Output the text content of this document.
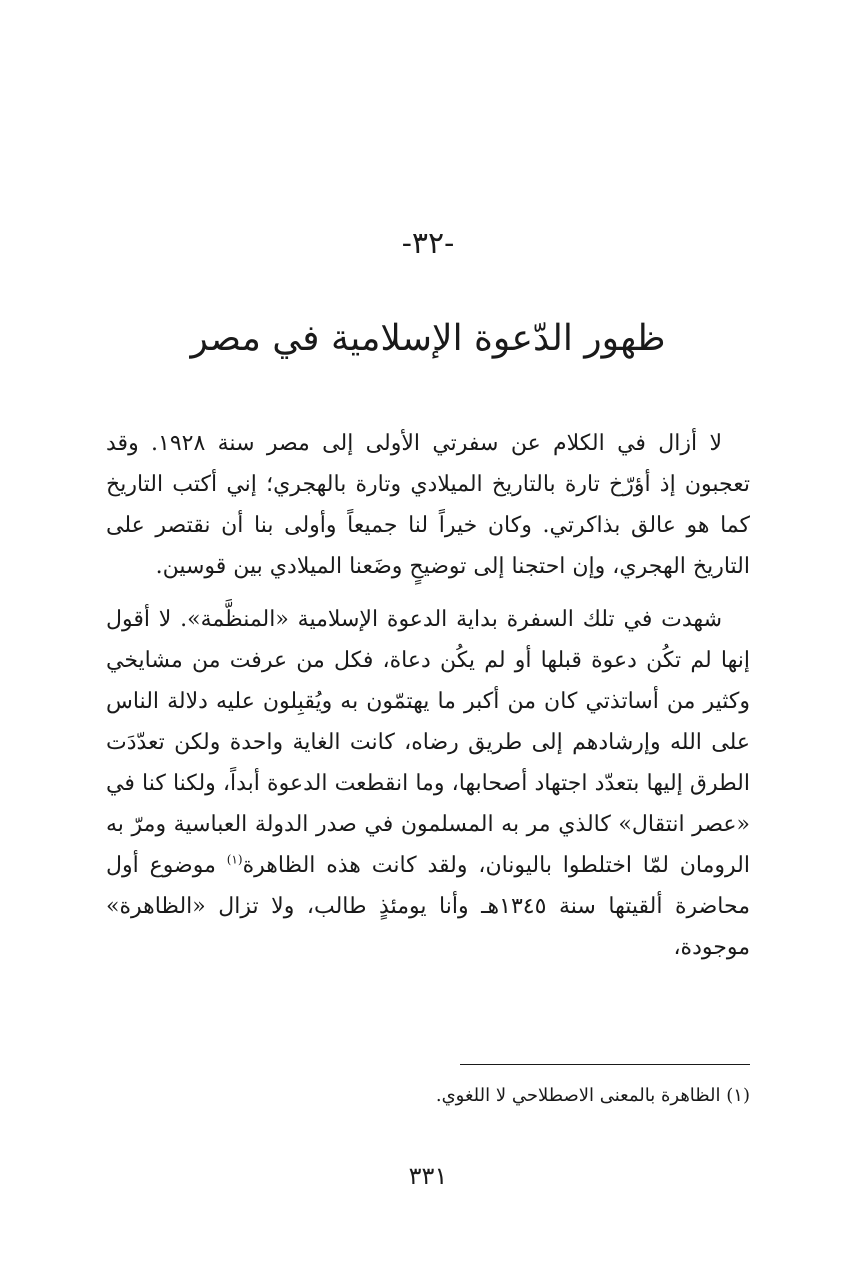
-٣٢-
ظهور الدّعوة الإسلامية في مصر

لا أزال في الكلام عن سفرتي الأولى إلى مصر سنة ١٩٢٨. وقد تعجبون إذ أؤرّخ تارة بالتاريخ الميلادي وتارة بالهجري؛ إني أكتب التاريخ كما هو عالق بذاكرتي. وكان خيراً لنا جميعاً وأولى بنا أن نقتصر على التاريخ الهجري، وإن احتجنا إلى توضيحٍ وضَعنا الميلادي بين قوسين.

شهدت في تلك السفرة بداية الدعوة الإسلامية «المنظَّمة». لا أقول إنها لم تكُن دعوة قبلها أو لم يكُن دعاة، فكل من عرفت من مشايخي وكثير من أساتذتي كان من أكبر ما يهتمّون به ويُقبِلون عليه دلالة الناس على الله وإرشادهم إلى طريق رضاه، كانت الغاية واحدة ولكن تعدّدَت الطرق إليها بتعدّد اجتهاد أصحابها، وما انقطعت الدعوة أبداً، ولكنا كنا في «عصر انتقال» كالذي مر به المسلمون في صدر الدولة العباسية ومرّ به الرومان لمّا اختلطوا باليونان، ولقد كانت هذه الظاهرة$^{(١)}$ موضوع أول محاضرة ألقيتها سنة ١٣٤٥هـ وأنا يومئذٍ طالب، ولا تزال «الظاهرة» موجودة،

(١) الظاهرة بالمعنى الاصطلاحي لا اللغوي.
٣٣١
